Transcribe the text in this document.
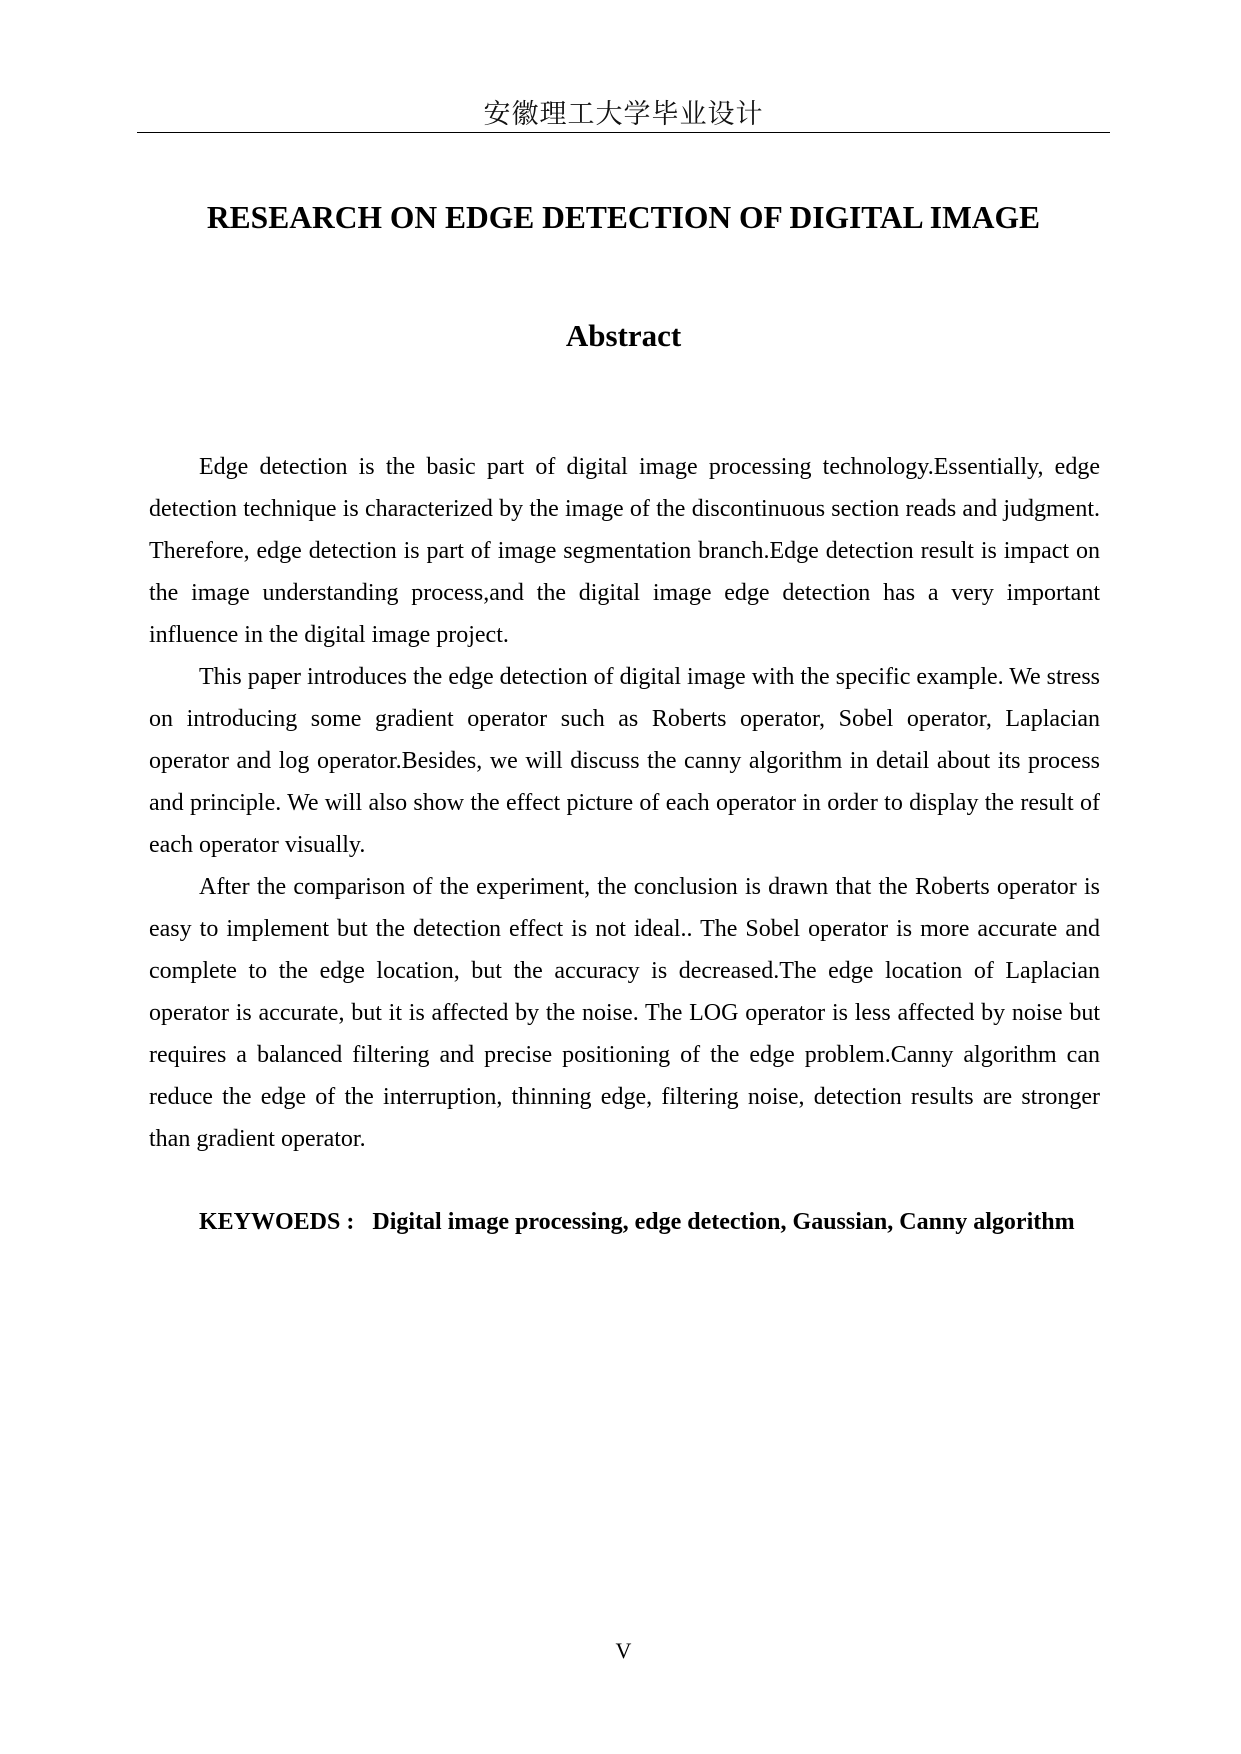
安徽理工大学毕业设计
RESEARCH ON EDGE DETECTION OF DIGITAL IMAGE
Abstract

Edge detection is the basic part of digital image processing technology.Essentially, edge detection technique is characterized by the image of the discontinuous section reads and judgment. Therefore, edge detection is part of image segmentation branch.Edge detection result is impact on the image understanding process,and the digital image edge detection has a very important influence in the digital image project.

This paper introduces the edge detection of digital image with the specific example. We stress on introducing some gradient operator such as Roberts operator, Sobel operator, Laplacian operator and log operator.Besides, we will discuss the canny algorithm in detail about its process and principle. We will also show the effect picture of each operator in order to display the result of each operator visually.

After the comparison of the experiment, the conclusion is drawn that the Roberts operator is easy to implement but the detection effect is not ideal.. The Sobel operator is more accurate and complete to the edge location, but the accuracy is decreased.The edge location of Laplacian operator is accurate, but it is affected by the noise. The LOG operator is less affected by noise but requires a balanced filtering and precise positioning of the edge problem.Canny algorithm can reduce the edge of the interruption, thinning edge, filtering noise, detection results are stronger than gradient operator.

KEYWOEDS : Digital image processing, edge detection, Gaussian, Canny algorithm
V
